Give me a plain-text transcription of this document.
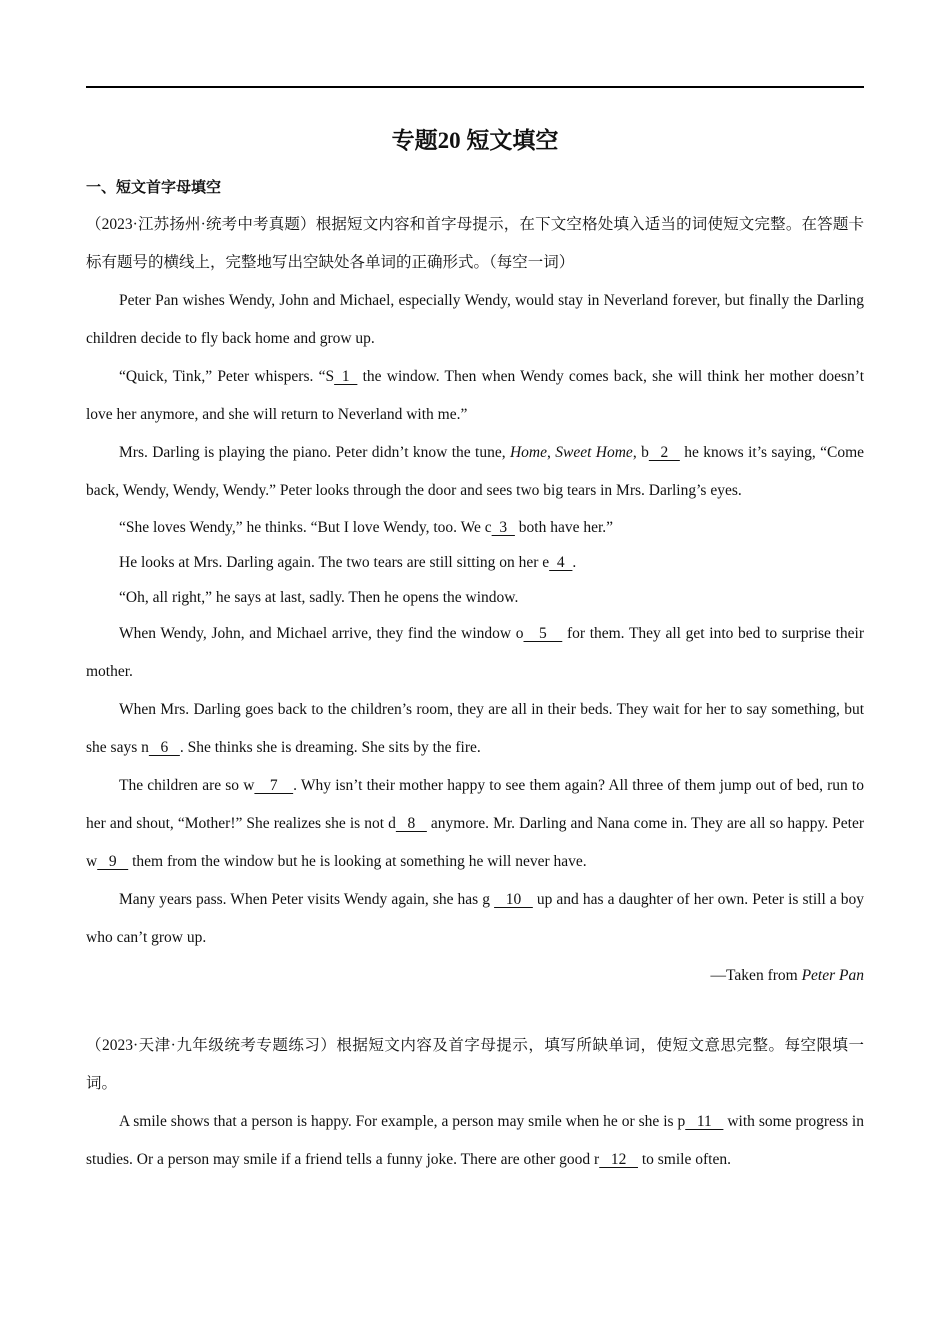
专题20 短文填空
一、短文首字母填空

（2023·江苏扬州·统考中考真题）根据短文内容和首字母提示，在下文空格处填入适当的词使短文完整。在答题卡标有题号的横线上，完整地写出空缺处各单词的正确形式。（每空一词）

Peter Pan wishes Wendy, John and Michael, especially Wendy, would stay in Neverland forever, but finally the Darling children decide to fly back home and grow up.

“Quick, Tink,” Peter whispers. “S  1   the window. Then when Wendy comes back, she will think her mother doesn’t love her anymore, and she will return to Neverland with me.”

Mrs. Darling is playing the piano. Peter didn’t know the tune, Home, Sweet Home, b   2    he knows it’s saying, “Come back, Wendy, Wendy, Wendy.” Peter looks through the door and sees two big tears in Mrs. Darling’s eyes.

“She loves Wendy,” he thinks. “But I love Wendy, too. We c  3   both have her.”

He looks at Mrs. Darling again. The two tears are still sitting on her e  4  .

“Oh, all right,” he says at last, sadly. Then he opens the window.

When Wendy, John, and Michael arrive, they find the window o    5     for them. They all get into bed to surprise their mother.

When Mrs. Darling goes back to the children’s room, they are all in their beds. They wait for her to say something, but she says n   6   . She thinks she is dreaming. She sits by the fire.

The children are so w    7    . Why isn’t their mother happy to see them again? All three of them jump out of bed, run to her and shout, “Mother!” She realizes she is not d   8    anymore. Mr. Darling and Nana come in. They are all so happy. Peter w   9    them from the window but he is looking at something he will never have.

Many years pass. When Peter visits Wendy again, she has g    10    up and has a daughter of her own. Peter is still a boy who can’t grow up.

—Taken from Peter Pan

（2023·天津·九年级统考专题练习）根据短文内容及首字母提示，填写所缺单词，使短文意思完整。每空限填一词。

A smile shows that a person is happy. For example, a person may smile when he or she is p   11    with some progress in studies. Or a person may smile if a friend tells a funny joke. There are other good r   12    to smile often.
